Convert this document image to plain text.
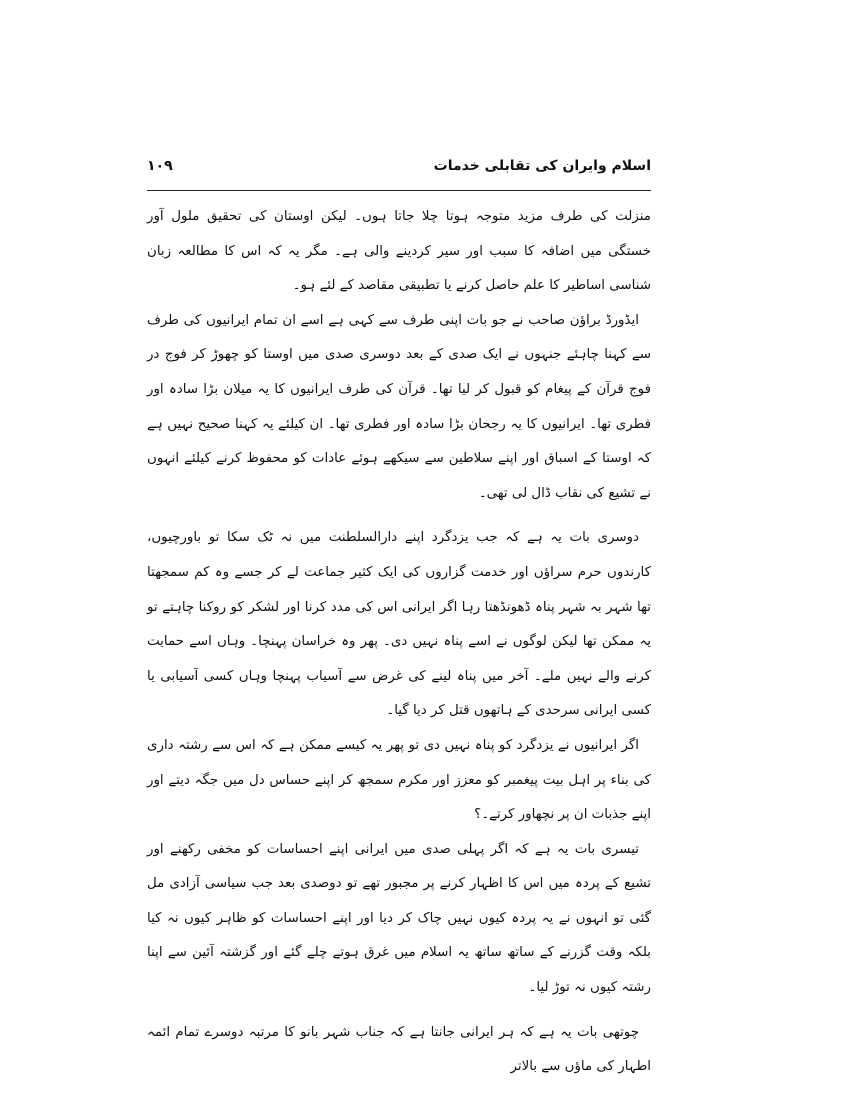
اسلام وایران کی تقابلی خدمات
۱۰۹

منزلت کی طرف مزید متوجہ ہوتا چلا جاتا ہوں۔ لیکن اوستان کی تحقیق ملول آور خستگی میں اضافہ کا سبب اور سیر کردینے والی ہے۔ مگر یہ کہ اس کا مطالعہ زبان شناسی اساطیر کا علم حاصل کرنے یا تطبیقی مقاصد کے لئے ہو۔

ایڈورڈ براؤن صاحب نے جو بات اپنی طرف سے کہی ہے اسے ان تمام ایرانیوں کی طرف سے کہنا چاہئے جنہوں نے ایک صدی کے بعد دوسری صدی میں اوستا کو چھوڑ کر فوج در فوج قرآن کے پیغام کو قبول کر لیا تھا۔ قرآن کی طرف ایرانیوں کا یہ میلان بڑا سادہ اور فطری تھا۔ ایرانیوں کا یہ رجحان بڑا سادہ اور فطری تھا۔ ان کیلئے یہ کہنا صحیح نہیں ہے کہ اوستا کے اسباق اور اپنے سلاطین سے سیکھے ہوئے عادات کو محفوظ کرنے کیلئے انہوں نے تشیع کی نقاب ڈال لی تھی۔

دوسری بات یہ ہے کہ جب یزدگرد اپنے دارالسلطنت میں نہ ٹک سکا تو باورچیوں، کارندوں حرم سراؤں اور خدمت گزاروں کی ایک کثیر جماعت لے کر جسے وہ کم سمجھتا تھا شہر بہ شہر پناہ ڈھونڈھتا رہا اگر ایرانی اس کی مدد کرنا اور لشکر کو روکنا چاہتے تو یہ ممکن تھا لیکن لوگوں نے اسے پناہ نہیں دی۔ پھر وہ خراسان پہنچا۔ وہاں اسے حمایت کرنے والے نہیں ملے۔ آخر میں پناہ لینے کی غرض سے آسیاب پہنچا وہاں کسی آسیابی یا کسی ایرانی سرحدی کے ہاتھوں قتل کر دیا گیا۔

اگر ایرانیوں نے یزدگرد کو پناہ نہیں دی تو پھر یہ کیسے ممکن ہے کہ اس سے رشتہ داری کی بناء پر اہل بیت پیغمبر کو معزز اور مکرم سمجھ کر اپنے حساس دل میں جگہ دیتے اور اپنے جذبات ان پر نچھاور کرتے۔؟

تیسری بات یہ ہے کہ اگر پہلی صدی میں ایرانی اپنے احساسات کو مخفی رکھنے اور تشیع کے پردہ میں اس کا اظہار کرنے پر مجبور تھے تو دوصدی بعد جب سیاسی آزادی مل گئی تو انہوں نے یہ پردہ کیوں نہیں چاک کر دیا اور اپنے احساسات کو ظاہر کیوں نہ کیا بلکہ وقت گزرنے کے ساتھ ساتھ یہ اسلام میں غرق ہوتے چلے گئے اور گزشتہ آئین سے اپنا رشتہ کیوں نہ توڑ لیا۔

چوتھی بات یہ ہے کہ ہر ایرانی جانتا ہے کہ جناب شہر بانو کا مرتبہ دوسرے تمام ائمہ اطہار کی ماؤں سے بالاتر
